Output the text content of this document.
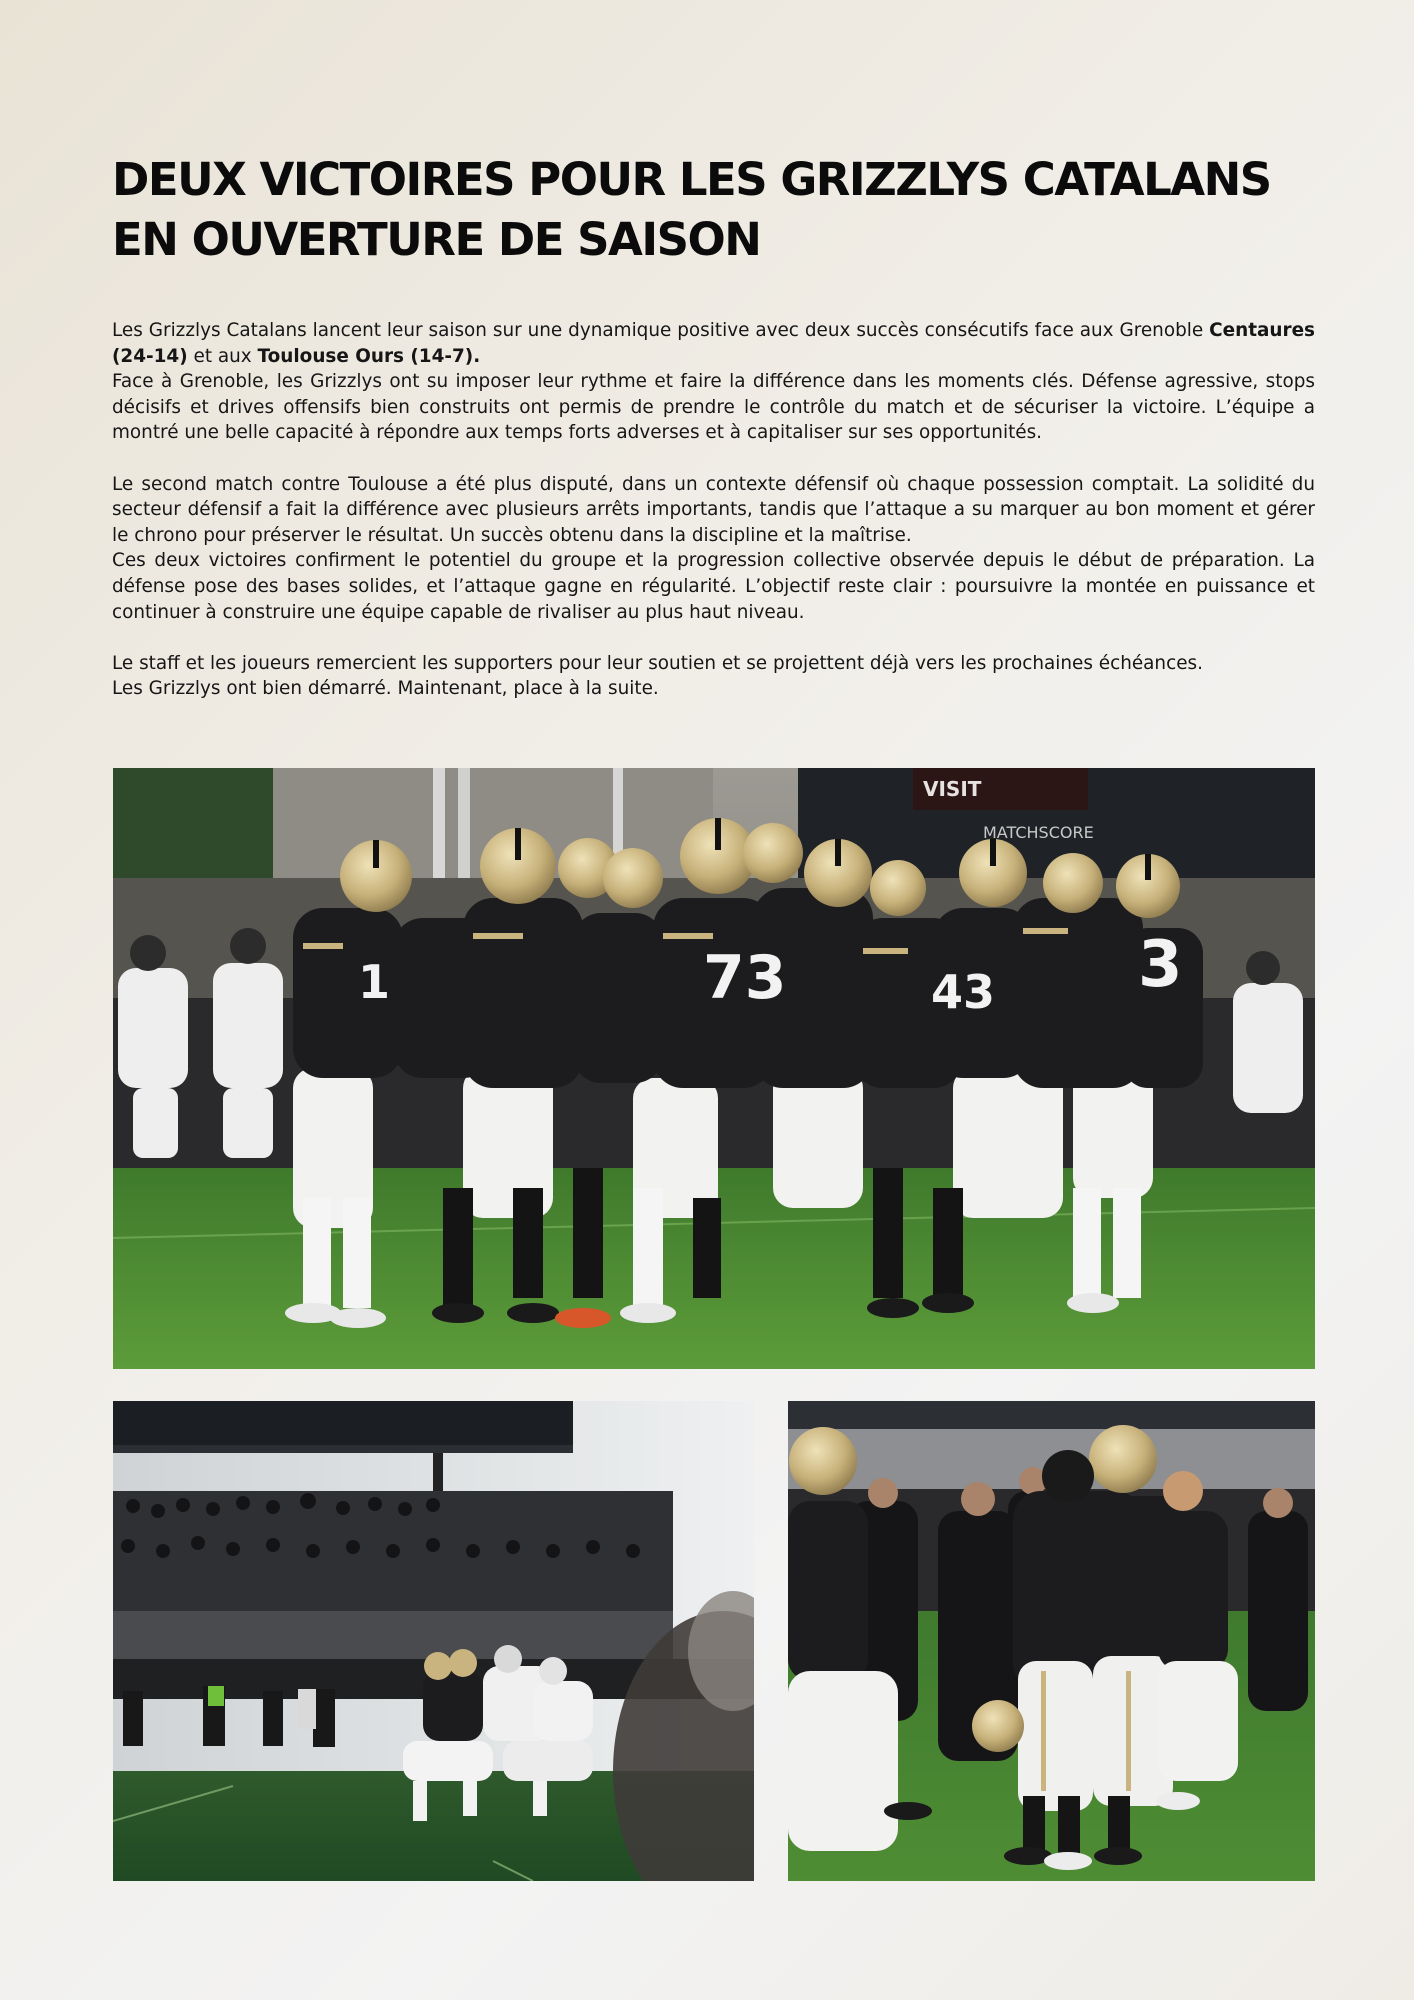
DEUX VICTOIRES POUR LES GRIZZLYS CATALANS
EN OUVERTURE DE SAISON

Les Grizzlys Catalans lancent leur saison sur une dynamique positive avec deux succès consécutifs face aux Grenoble Centaures (24-14) et aux Toulouse Ours (14-7).

Face à Grenoble, les Grizzlys ont su imposer leur rythme et faire la différence dans les moments clés. Défense agressive, stops décisifs et drives offensifs bien construits ont permis de prendre le contrôle du match et de sécuriser la victoire. L’équipe a montré une belle capacité à répondre aux temps forts adverses et à capitaliser sur ses opportunités.

Le second match contre Toulouse a été plus disputé, dans un contexte défensif où chaque possession comptait. La solidité du secteur défensif a fait la différence avec plusieurs arrêts importants, tandis que l’attaque a su marquer au bon moment et gérer le chrono pour préserver le résultat. Un succès obtenu dans la discipline et la maîtrise.

Ces deux victoires confirment le potentiel du groupe et la progression collective observée depuis le début de préparation. La défense pose des bases solides, et l’attaque gagne en régularité. L’objectif reste clair : poursuivre la montée en puissance et continuer à construire une équipe capable de rivaliser au plus haut niveau.

Le staff et les joueurs remercient les supporters pour leur soutien et se projettent déjà vers les prochaines échéances.

Les Grizzlys ont bien démarré. Maintenant, place à la suite.

VISIT
MATCHSCORE
1	73	3
43
